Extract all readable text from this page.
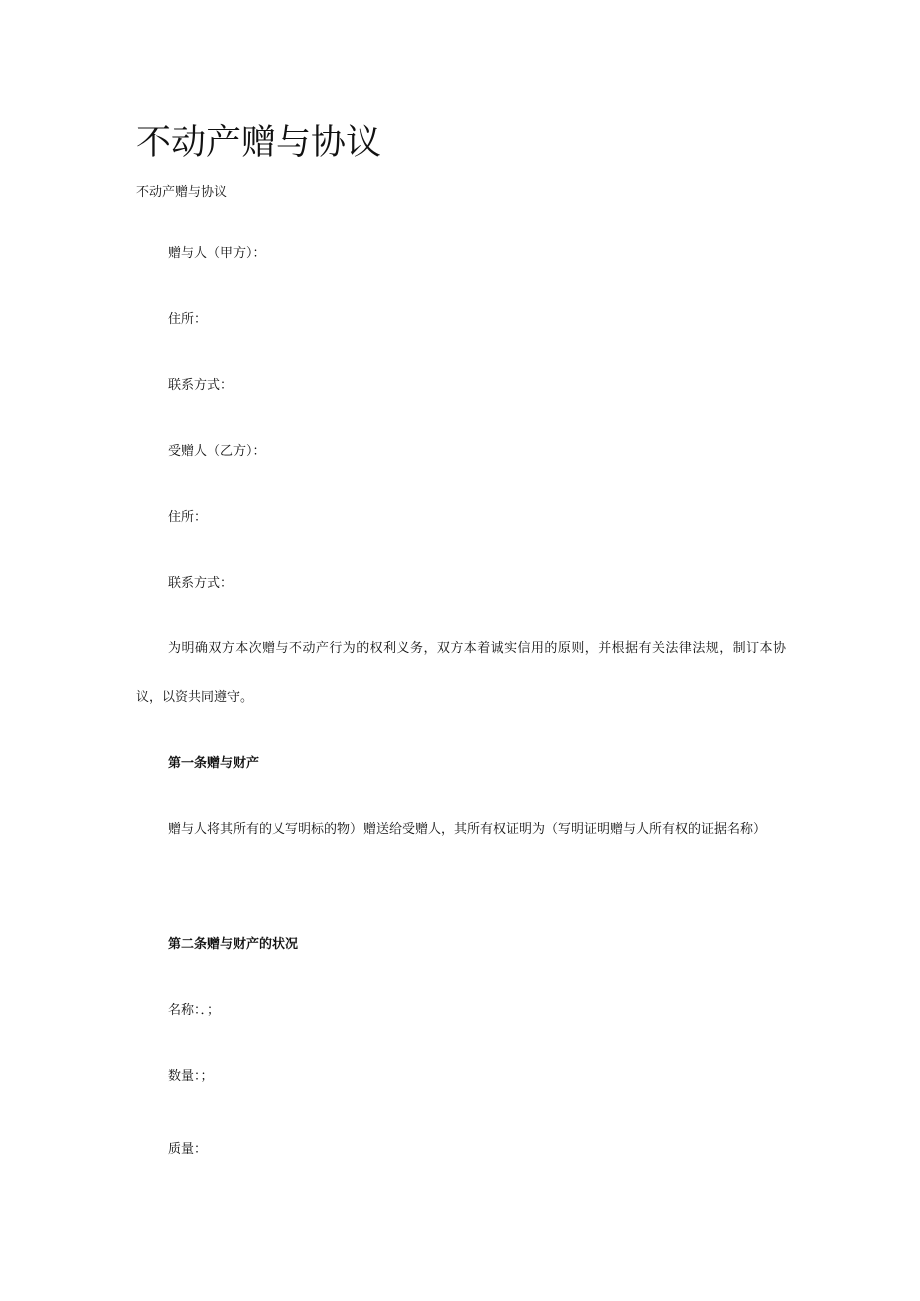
不动产赠与协议
不动产赠与协议
赠与人（甲方）：
住所：
联系方式：
受赠人（乙方）：
住所：
联系方式：

为明确双方本次赠与不动产行为的权利义务，双方本着诚实信用的原则，并根据有关法律法规，制订本协议，以资共同遵守。

第一条赠与财产

赠与人将其所有的乂写明标的物）赠送给受赠人，其所有权证明为（写明证明赠与人所有权的证据名称）

第二条赠与财产的状况
名称：．；
数量：；
质量：
